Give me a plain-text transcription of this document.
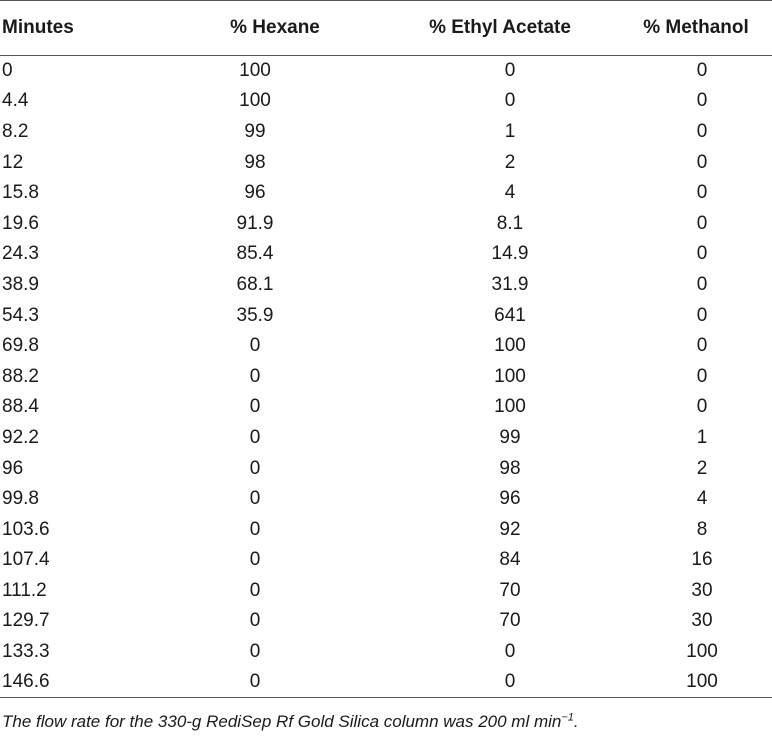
Minutes	% Hexane	% Ethyl Acetate	% Methanol
0	100	0	0
4.4	100	0	0
8.2	99	1	0
12	98	2	0
15.8	96	4	0
19.6	91.9	8.1	0
24.3	85.4	14.9	0
38.9	68.1	31.9	0
54.3	35.9	641	0
69.8	0	100	0
88.2	0	100	0
88.4	0	100	0
92.2	0	99	1
96	0	98	2
99.8	0	96	4
103.6	0	92	8
107.4	0	84	16
111.2	0	70	30
129.7	0	70	30
133.3	0	0	100
146.6	0	0	100
The flow rate for the 330-g RediSep Rf Gold Silica column was 200 ml $\min^{-1}$.
